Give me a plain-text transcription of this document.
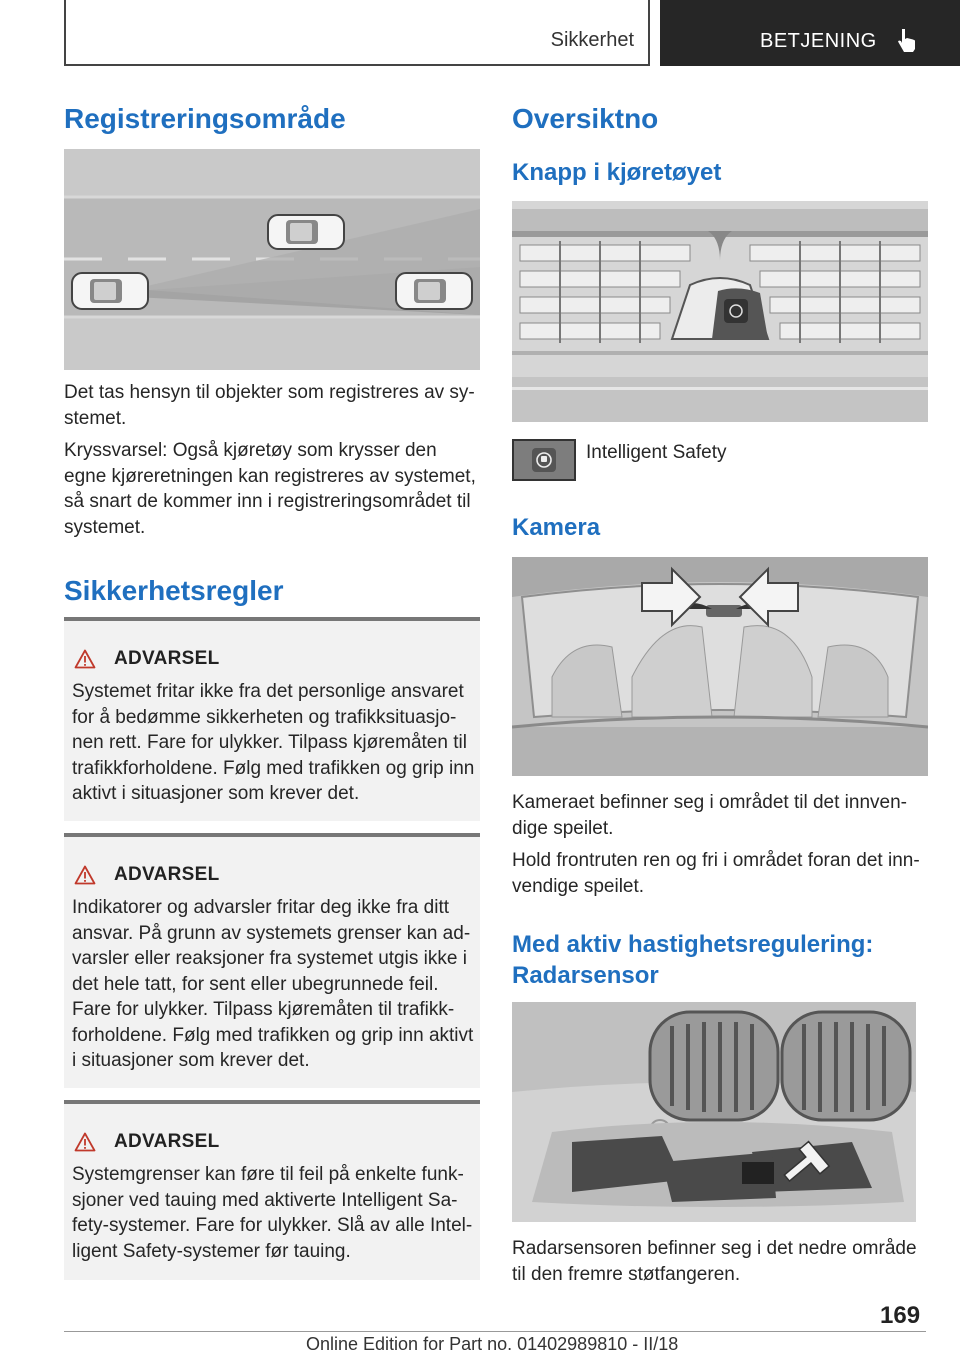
Sikkerhet	BETJENING
Registreringsområde
Det tas hensyn til objekter som registreres av sy‐ stemet.
Kryssvarsel: Også kjøretøy som krysser den egne kjøreretningen kan registreres av systemet, så snart de kommer inn i registreringsområdet til systemet.
Sikkerhetsregler
ADVARSEL
Systemet fritar ikke fra det personlige ansvaret for å bedømme sikkerheten og trafikksituasjo‐ nen rett. Fare for ulykker. Tilpass kjøremåten til trafikkforholdene. Følg med trafikken og grip inn aktivt i situasjoner som krever det.
ADVARSEL
Indikatorer og advarsler fritar deg ikke fra ditt ansvar. På grunn av systemets grenser kan ad‐ varsler eller reaksjoner fra systemet utgis ikke i det hele tatt, for sent eller ubegrunnede feil. Fare for ulykker. Tilpass kjøremåten til trafikk‐ forholdene. Følg med trafikken og grip inn aktivt i situasjoner som krever det.
ADVARSEL
Systemgrenser kan føre til feil på enkelte funk‐ sjoner ved tauing med aktiverte Intelligent Sa‐ fety-systemer. Fare for ulykker. Slå av alle Intel‐ ligent Safety-systemer før tauing.
Oversiktno
Knapp i kjøretøyet
Intelligent Safety
Kamera
Kameraet befinner seg i området til det innven‐ dige speilet.
Hold frontruten ren og fri i området foran det inn‐ vendige speilet.
Med aktiv hastighetsregulering:
Radarsensor
Radarsensoren befinner seg i det nedre område til den fremre støtfangeren.
169
Online Edition for Part no. 01402989810 - II/18
